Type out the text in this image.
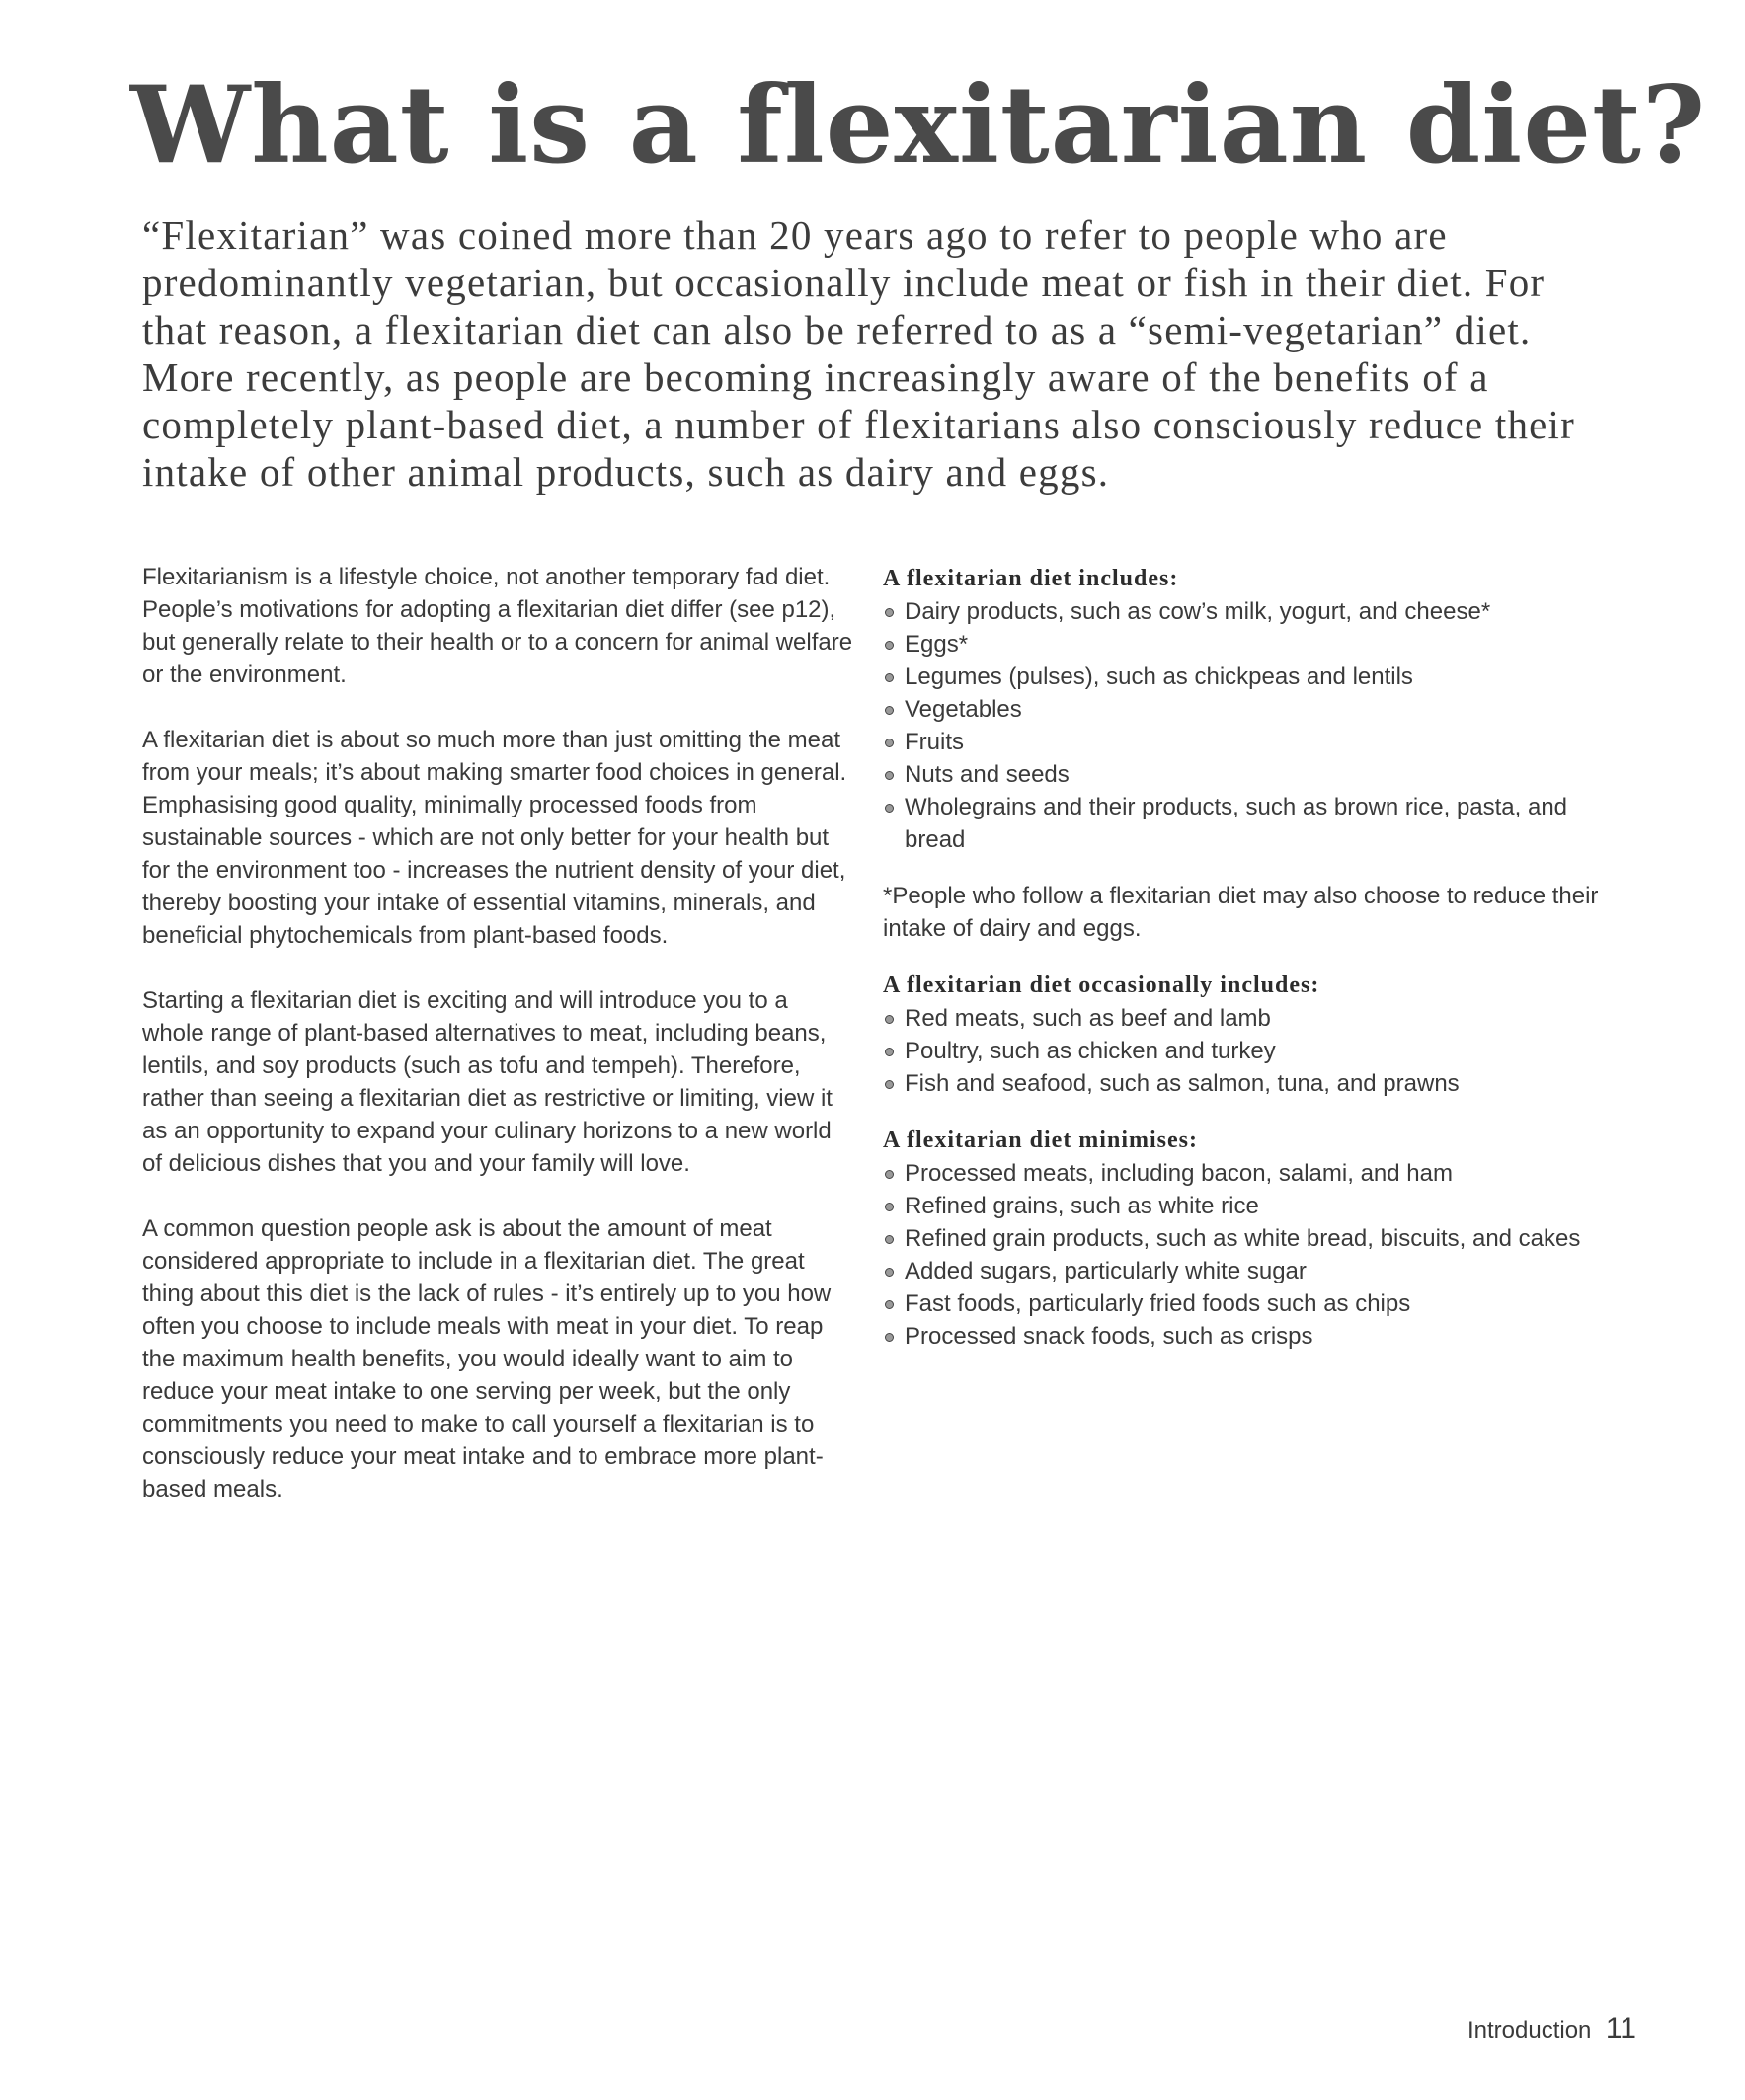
What is a flexitarian diet?

“Flexitarian” was coined more than 20 years ago to refer to people who are predominantly vegetarian, but occasionally include meat or fish in their diet. For that reason, a flexitarian diet can also be referred to as a “semi-vegetarian” diet. More recently, as people are becoming increasingly aware of the benefits of a completely plant-based diet, a number of flexitarians also consciously reduce their intake of other animal products, such as dairy and eggs.

Flexitarianism is a lifestyle choice, not another temporary fad diet. People’s motivations for adopting a flexitarian diet differ (see p12), but generally relate to their health or to a concern for animal welfare or the environment.

A flexitarian diet is about so much more than just omitting the meat from your meals; it’s about making smarter food choices in general. Emphasising good quality, minimally processed foods from sustainable sources - which are not only better for your health but for the environment too - increases the nutrient density of your diet, thereby boosting your intake of essential vitamins, minerals, and beneficial phytochemicals from plant-based foods.

Starting a flexitarian diet is exciting and will introduce you to a whole range of plant-based alternatives to meat, including beans, lentils, and soy products (such as tofu and tempeh). Therefore, rather than seeing a flexitarian diet as restrictive or limiting, view it as an opportunity to expand your culinary horizons to a new world of delicious dishes that you and your family will love.

A common question people ask is about the amount of meat considered appropriate to include in a flexitarian diet. The great thing about this diet is the lack of rules - it’s entirely up to you how often you choose to include meals with meat in your diet. To reap the maximum health benefits, you would ideally want to aim to reduce your meat intake to one serving per week, but the only commitments you need to make to call yourself a flexitarian is to consciously reduce your meat intake and to embrace more plant-based meals.

A flexitarian diet includes:
Dairy products, such as cow’s milk, yogurt, and cheese*
Eggs*
Legumes (pulses), such as chickpeas and lentils
Vegetables
Fruits
Nuts and seeds
Wholegrains and their products, such as brown rice, pasta, and bread

*People who follow a flexitarian diet may also choose to reduce their intake of dairy and eggs.

A flexitarian diet occasionally includes:
Red meats, such as beef and lamb
Poultry, such as chicken and turkey
Fish and seafood, such as salmon, tuna, and prawns
A flexitarian diet minimises:
Processed meats, including bacon, salami, and ham
Refined grains, such as white rice
Refined grain products, such as white bread, biscuits, and cakes
Added sugars, particularly white sugar
Fast foods, particularly fried foods such as chips
Processed snack foods, such as crisps
Introduction 11
